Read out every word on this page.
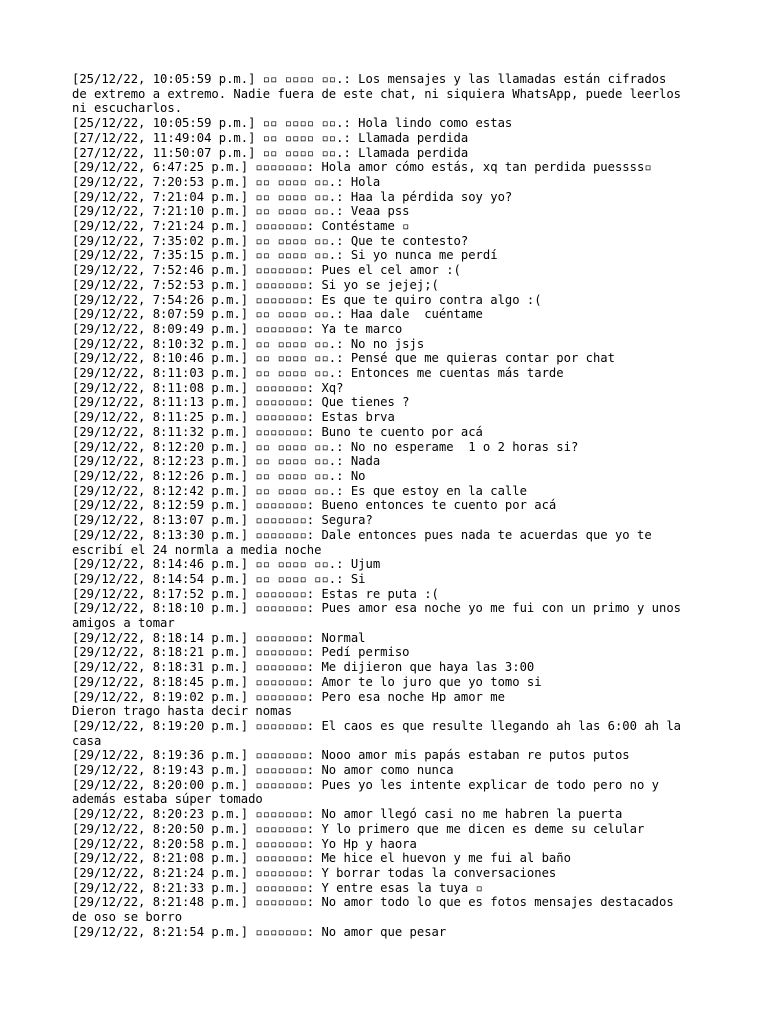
[25/12/22, 10:05:59 p.m.] ▫▫ ▫▫▫▫ ▫▫.: Los mensajes y las llamadas están cifrados
de extremo a extremo. Nadie fuera de este chat, ni siquiera WhatsApp, puede leerlos
ni escucharlos.
[25/12/22, 10:05:59 p.m.] ▫▫ ▫▫▫▫ ▫▫.: Hola lindo como estas
[27/12/22, 11:49:04 p.m.] ▫▫ ▫▫▫▫ ▫▫.: Llamada perdida
[27/12/22, 11:50:07 p.m.] ▫▫ ▫▫▫▫ ▫▫.: Llamada perdida
[29/12/22, 6:47:25 p.m.] ▫▫▫▫▫▫▫: Hola amor cómo estás, xq tan perdida puessss▫
[29/12/22, 7:20:53 p.m.] ▫▫ ▫▫▫▫ ▫▫.: Hola
[29/12/22, 7:21:04 p.m.] ▫▫ ▫▫▫▫ ▫▫.: Haa la pérdida soy yo?
[29/12/22, 7:21:10 p.m.] ▫▫ ▫▫▫▫ ▫▫.: Veaa pss
[29/12/22, 7:21:24 p.m.] ▫▫▫▫▫▫▫: Contéstame ▫
[29/12/22, 7:35:02 p.m.] ▫▫ ▫▫▫▫ ▫▫.: Que te contesto?
[29/12/22, 7:35:15 p.m.] ▫▫ ▫▫▫▫ ▫▫.: Si yo nunca me perdí
[29/12/22, 7:52:46 p.m.] ▫▫▫▫▫▫▫: Pues el cel amor :(
[29/12/22, 7:52:53 p.m.] ▫▫▫▫▫▫▫: Si yo se jejej;(
[29/12/22, 7:54:26 p.m.] ▫▫▫▫▫▫▫: Es que te quiro contra algo :(
[29/12/22, 8:07:59 p.m.] ▫▫ ▫▫▫▫ ▫▫.: Haa dale  cuéntame
[29/12/22, 8:09:49 p.m.] ▫▫▫▫▫▫▫: Ya te marco
[29/12/22, 8:10:32 p.m.] ▫▫ ▫▫▫▫ ▫▫.: No no jsjs
[29/12/22, 8:10:46 p.m.] ▫▫ ▫▫▫▫ ▫▫.: Pensé que me quieras contar por chat
[29/12/22, 8:11:03 p.m.] ▫▫ ▫▫▫▫ ▫▫.: Entonces me cuentas más tarde
[29/12/22, 8:11:08 p.m.] ▫▫▫▫▫▫▫: Xq?
[29/12/22, 8:11:13 p.m.] ▫▫▫▫▫▫▫: Que tienes ?
[29/12/22, 8:11:25 p.m.] ▫▫▫▫▫▫▫: Estas brva
[29/12/22, 8:11:32 p.m.] ▫▫▫▫▫▫▫: Buno te cuento por acá
[29/12/22, 8:12:20 p.m.] ▫▫ ▫▫▫▫ ▫▫.: No no esperame  1 o 2 horas si?
[29/12/22, 8:12:23 p.m.] ▫▫ ▫▫▫▫ ▫▫.: Nada
[29/12/22, 8:12:26 p.m.] ▫▫ ▫▫▫▫ ▫▫.: No
[29/12/22, 8:12:42 p.m.] ▫▫ ▫▫▫▫ ▫▫.: Es que estoy en la calle
[29/12/22, 8:12:59 p.m.] ▫▫▫▫▫▫▫: Bueno entonces te cuento por acá
[29/12/22, 8:13:07 p.m.] ▫▫▫▫▫▫▫: Segura?
[29/12/22, 8:13:30 p.m.] ▫▫▫▫▫▫▫: Dale entonces pues nada te acuerdas que yo te
escribí el 24 normla a media noche
[29/12/22, 8:14:46 p.m.] ▫▫ ▫▫▫▫ ▫▫.: Ujum
[29/12/22, 8:14:54 p.m.] ▫▫ ▫▫▫▫ ▫▫.: Si
[29/12/22, 8:17:52 p.m.] ▫▫▫▫▫▫▫: Estas re puta :(
[29/12/22, 8:18:10 p.m.] ▫▫▫▫▫▫▫: Pues amor esa noche yo me fui con un primo y unos
amigos a tomar
[29/12/22, 8:18:14 p.m.] ▫▫▫▫▫▫▫: Normal
[29/12/22, 8:18:21 p.m.] ▫▫▫▫▫▫▫: Pedí permiso
[29/12/22, 8:18:31 p.m.] ▫▫▫▫▫▫▫: Me dijieron que haya las 3:00
[29/12/22, 8:18:45 p.m.] ▫▫▫▫▫▫▫: Amor te lo juro que yo tomo si
[29/12/22, 8:19:02 p.m.] ▫▫▫▫▫▫▫: Pero esa noche Hp amor me
Dieron trago hasta decir nomas
[29/12/22, 8:19:20 p.m.] ▫▫▫▫▫▫▫: El caos es que resulte llegando ah las 6:00 ah la
casa
[29/12/22, 8:19:36 p.m.] ▫▫▫▫▫▫▫: Nooo amor mis papás estaban re putos putos
[29/12/22, 8:19:43 p.m.] ▫▫▫▫▫▫▫: No amor como nunca
[29/12/22, 8:20:00 p.m.] ▫▫▫▫▫▫▫: Pues yo les intente explicar de todo pero no y
además estaba súper tomado
[29/12/22, 8:20:23 p.m.] ▫▫▫▫▫▫▫: No amor llegó casi no me habren la puerta
[29/12/22, 8:20:50 p.m.] ▫▫▫▫▫▫▫: Y lo primero que me dicen es deme su celular
[29/12/22, 8:20:58 p.m.] ▫▫▫▫▫▫▫: Yo Hp y haora
[29/12/22, 8:21:08 p.m.] ▫▫▫▫▫▫▫: Me hice el huevon y me fui al baño
[29/12/22, 8:21:24 p.m.] ▫▫▫▫▫▫▫: Y borrar todas la conversaciones
[29/12/22, 8:21:33 p.m.] ▫▫▫▫▫▫▫: Y entre esas la tuya ▫
[29/12/22, 8:21:48 p.m.] ▫▫▫▫▫▫▫: No amor todo lo que es fotos mensajes destacados
de oso se borro
[29/12/22, 8:21:54 p.m.] ▫▫▫▫▫▫▫: No amor que pesar
